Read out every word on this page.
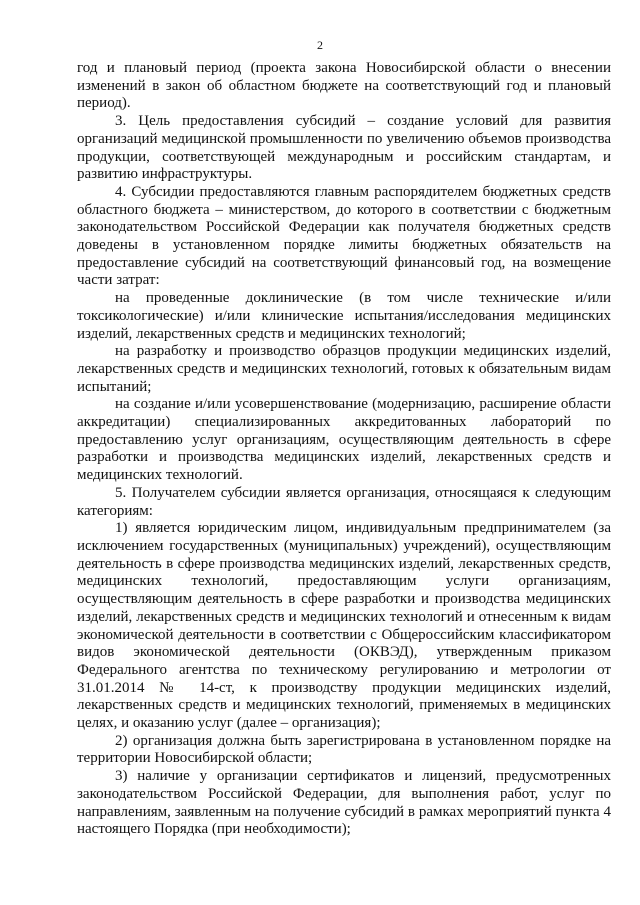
2

год и плановый период (проекта закона Новосибирской области о внесении изменений в закон об областном бюджете на соответствующий год и плановый период).

3. Цель предоставления субсидий – создание условий для развития организаций медицинской промышленности по увеличению объемов производства продукции, соответствующей международным и российским стандартам, и развитию инфраструктуры.

4. Субсидии предоставляются главным распорядителем бюджетных средств областного бюджета – министерством, до которого в соответствии с бюджетным законодательством Российской Федерации как получателя бюджетных средств доведены в установленном порядке лимиты бюджетных обязательств на предоставление субсидий на соответствующий финансовый год, на возмещение части затрат:

на проведенные доклинические (в том числе технические и/или токсикологические) и/или клинические испытания/исследования медицинских изделий, лекарственных средств и медицинских технологий;

на разработку и производство образцов продукции медицинских изделий, лекарственных средств и медицинских технологий, готовых к обязательным видам испытаний;

на создание и/или усовершенствование (модернизацию, расширение области аккредитации) специализированных аккредитованных лабораторий по предоставлению услуг организациям, осуществляющим деятельность в сфере разработки и производства медицинских изделий, лекарственных средств и медицинских технологий.

5. Получателем субсидии является организация, относящаяся к следующим категориям:

1) является юридическим лицом, индивидуальным предпринимателем (за исключением государственных (муниципальных) учреждений), осуществляющим деятельность в сфере производства медицинских изделий, лекарственных средств, медицинских технологий, предоставляющим услуги организациям, осуществляющим деятельность в сфере разработки и производства медицинских изделий, лекарственных средств и медицинских технологий и отнесенным к видам экономической деятельности в соответствии с Общероссийским классификатором видов экономической деятельности (ОКВЭД), утвержденным приказом Федерального агентства по техническому регулированию и метрологии от 31.01.2014 № 14-ст, к производству продукции медицинских изделий, лекарственных средств и медицинских технологий, применяемых в медицинских целях, и оказанию услуг (далее – организация);

2) организация должна быть зарегистрирована в установленном порядке на территории Новосибирской области;

3) наличие у организации сертификатов и лицензий, предусмотренных законодательством Российской Федерации, для выполнения работ, услуг по направлениям, заявленным на получение субсидий в рамках мероприятий пункта 4 настоящего Порядка (при необходимости);
